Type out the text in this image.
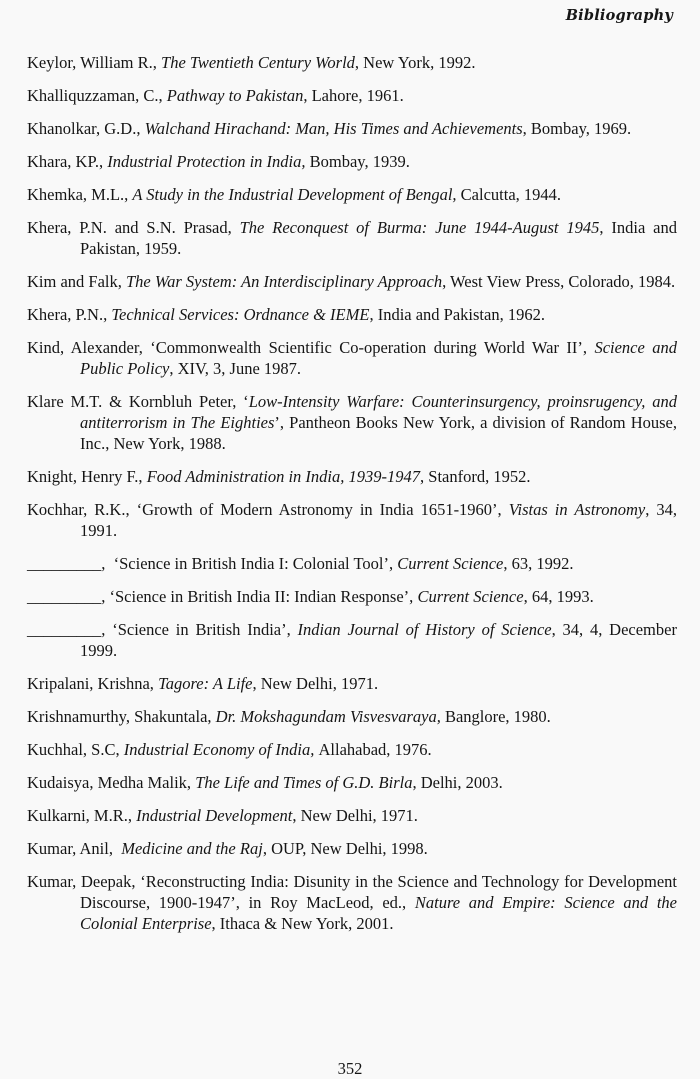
Bibliography

Keylor, William R., The Twentieth Century World, New York, 1992.

Khalliquzzaman, C., Pathway to Pakistan, Lahore, 1961.

Khanolkar, G.D., Walchand Hirachand: Man, His Times and Achievements, Bombay, 1969.

Khara, KP., Industrial Protection in India, Bombay, 1939.

Khemka, M.L., A Study in the Industrial Development of Bengal, Calcutta, 1944.

Khera, P.N. and S.N. Prasad, The Reconquest of Burma: June 1944-August 1945, India and Pakistan, 1959.

Kim and Falk, The War System: An Interdisciplinary Approach, West View Press, Colorado, 1984.

Khera, P.N., Technical Services: Ordnance & IEME, India and Pakistan, 1962.

Kind, Alexander, ‘Commonwealth Scientific Co-operation during World War II’, Science and Public Policy, XIV, 3, June 1987.

Klare M.T. & Kornbluh Peter, ‘Low-Intensity Warfare: Counterinsurgency, proinsrugency, and antiterrorism in The Eighties’, Pantheon Books New York, a division of Random House, Inc., New York, 1988.

Knight, Henry F., Food Administration in India, 1939-1947, Stanford, 1952.

Kochhar, R.K., ‘Growth of Modern Astronomy in India 1651-1960’, Vistas in Astronomy, 34, 1991.

_________,  ‘Science in British India I: Colonial Tool’, Current Science, 63, 1992.

_________, ‘Science in British India II: Indian Response’, Current Science, 64, 1993.

_________, ‘Science in British India’, Indian Journal of History of Science, 34, 4, December 1999.

Kripalani, Krishna, Tagore: A Life, New Delhi, 1971.

Krishnamurthy, Shakuntala, Dr. Mokshagundam Visvesvaraya, Banglore, 1980.

Kuchhal, S.C, Industrial Economy of India, Allahabad, 1976.

Kudaisya, Medha Malik, The Life and Times of G.D. Birla, Delhi, 2003.

Kulkarni, M.R., Industrial Development, New Delhi, 1971.

Kumar, Anil,  Medicine and the Raj, OUP, New Delhi, 1998.

Kumar, Deepak, ‘Reconstructing India: Disunity in the Science and Technology for Development Discourse, 1900-1947’, in Roy MacLeod, ed., Nature and Empire: Science and the Colonial Enterprise, Ithaca & New York, 2001.

352
